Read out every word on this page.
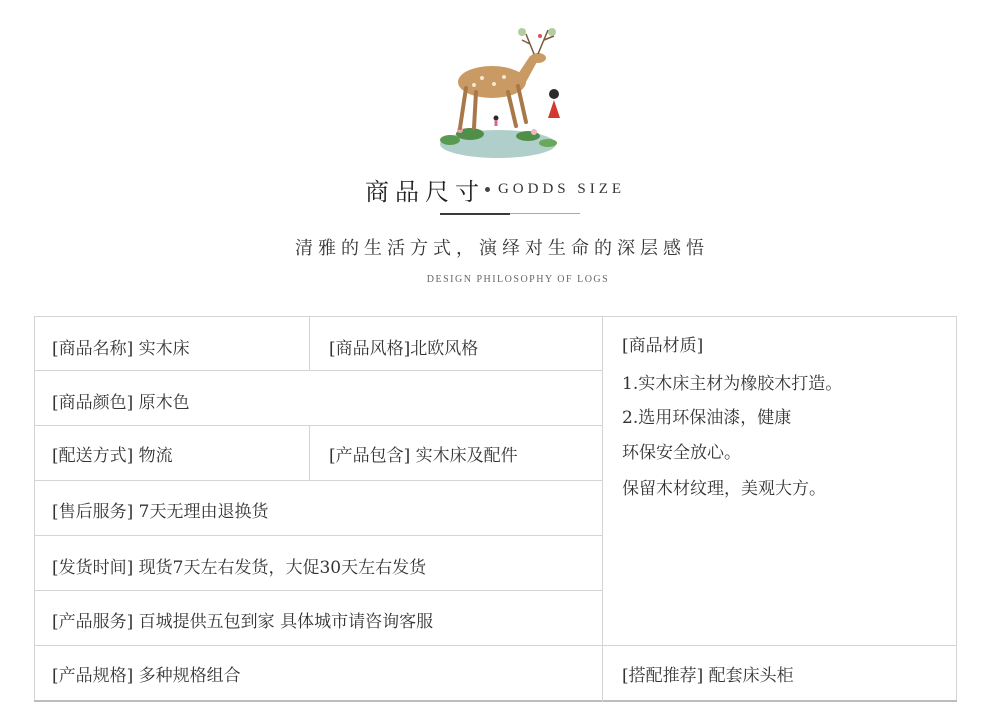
商品尺寸 GODDS SIZE
清雅的生活方式，演绎对生命的深层感悟
DESIGN PHILOSOPHY OF LOGS
[商品名称] 实木床	[商品风格]北欧风格
[商品颜色] 原木色
[配送方式] 物流	[产品包含] 实木床及配件
[售后服务] 7天无理由退换货
[发货时间] 现货7天左右发货，大促30天左右发货
[产品服务] 百城提供五包到家 具体城市请咨询客服
[产品规格] 多种规格组合	[搭配推荐] 配套床头柜
[商品材质]
1.实木床主材为橡胶木打造。
2.选用环保油漆，健康
环保安全放心。
保留木材纹理，美观大方。
